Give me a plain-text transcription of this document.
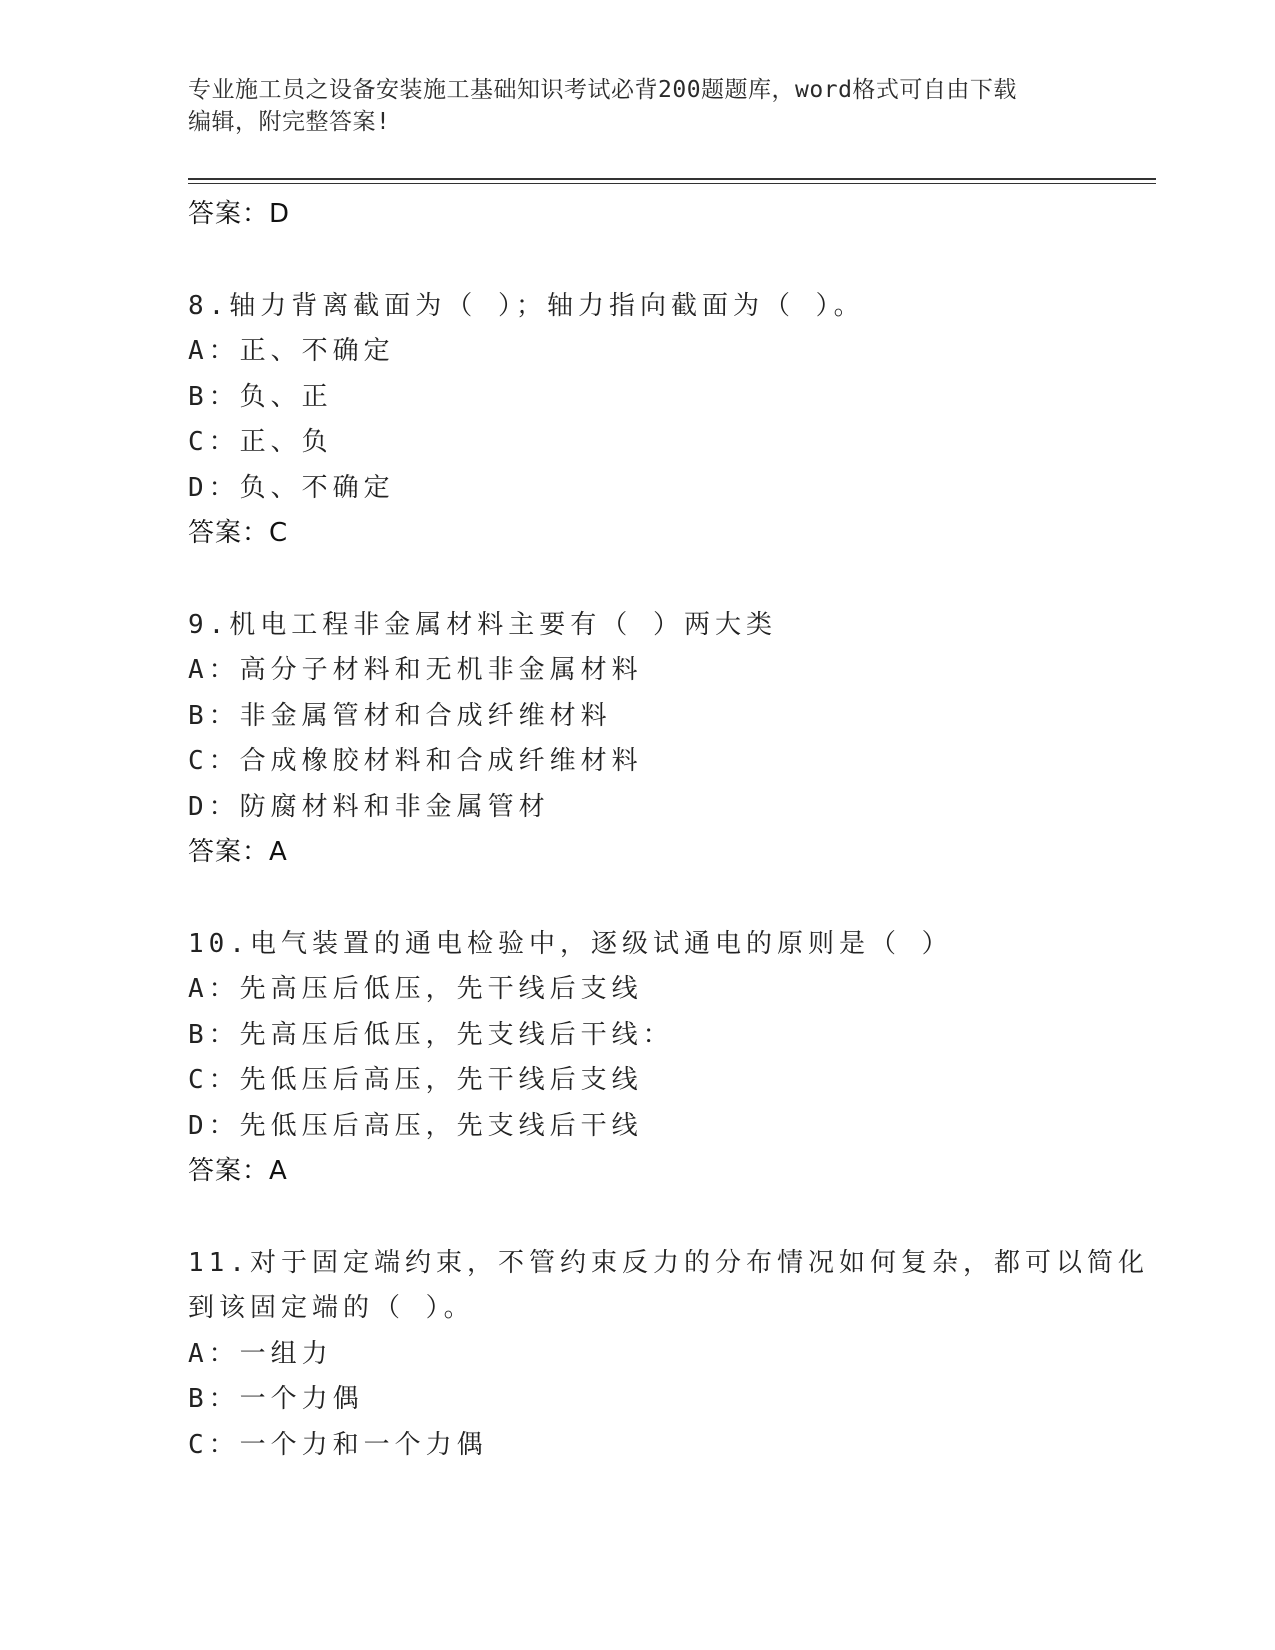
专业施工员之设备安装施工基础知识考试必背200题题库，word格式可自由下载
编辑，附完整答案!
答案：D
8.轴力背离截面为（ ）；轴力指向截面为（ ）。
A：正、不确定
B：负、正
C：正、负
D：负、不确定
答案：C
9.机电工程非金属材料主要有（ ）两大类
A：高分子材料和无机非金属材料
B：非金属管材和合成纤维材料
C：合成橡胶材料和合成纤维材料
D：防腐材料和非金属管材
答案：A
10.电气装置的通电检验中，逐级试通电的原则是（ ）
A：先高压后低压，先干线后支线
B：先高压后低压，先支线后干线：
C：先低压后高压，先干线后支线
D：先低压后高压，先支线后干线
答案：A
11.对于固定端约束，不管约束反力的分布情况如何复杂，都可以简化
到该固定端的（ ）。
A：一组力
B：一个力偶
C：一个力和一个力偶
